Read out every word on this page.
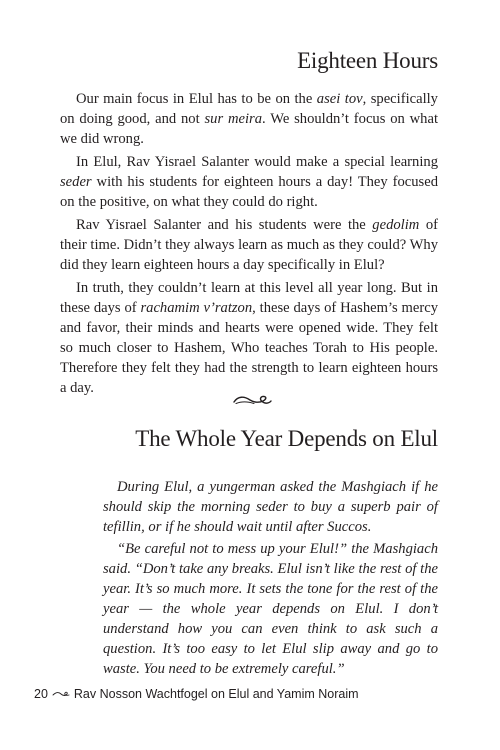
Eighteen Hours

Our main focus in Elul has to be on the asei tov, specifically on doing good, and not sur meira. We shouldn’t focus on what we did wrong.

In Elul, Rav Yisrael Salanter would make a special learning seder with his students for eighteen hours a day! They focused on the positive, on what they could do right.

Rav Yisrael Salanter and his students were the gedolim of their time. Didn’t they always learn as much as they could? Why did they learn eighteen hours a day specifically in Elul?

In truth, they couldn’t learn at this level all year long. But in these days of rachamim v’ratzon, these days of Hashem’s mercy and favor, their minds and hearts were opened wide. They felt so much closer to Hashem, Who teaches Torah to His people. Therefore they felt they had the strength to learn eighteen hours a day.

The Whole Year Depends on Elul

During Elul, a yungerman asked the Mashgiach if he should skip the morning seder to buy a superb pair of tefillin, or if he should wait until after Succos.

“Be careful not to mess up your Elul!” the Mashgiach said. “Don’t take any breaks. Elul isn’t like the rest of the year. It’s so much more. It sets the tone for the rest of the year — the whole year depends on Elul. I don’t understand how you can even think to ask such a question. It’s too easy to let Elul slip away and go to waste. You need to be extremely careful.”

20 Rav Nosson Wachtfogel on Elul and Yamim Noraim
